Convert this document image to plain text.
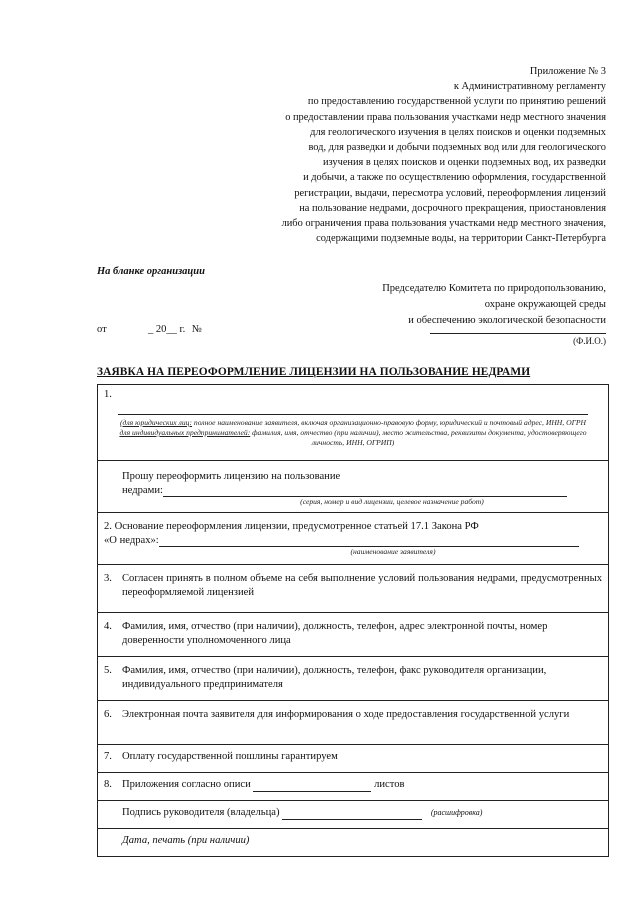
Приложение № 3
к Административному регламенту
по предоставлению государственной услуги по принятию решений
о предоставлении права пользования участками недр местного значения
для геологического изучения в целях поисков и оценки подземных
вод, для разведки и добычи подземных вод или для геологического
изучения в целях поисков и оценки подземных вод, их разведки
и добычи, а также по осуществлению оформления, государственной
регистрации, выдачи, пересмотра условий, переоформления лицензий
на пользование недрами, досрочного прекращения, приостановления
либо ограничения права пользования участками недр местного значения,
содержащими подземные воды, на территории Санкт-Петербурга
На бланке организации
Председателю Комитета по природопользованию,
охране окружающей среды
и обеспечению экологической безопасности
(Ф.И.О.)
от	_ 20__ г. №
ЗАЯВКА НА ПЕРЕОФОРМЛЕНИЕ ЛИЦЕНЗИИ НА ПОЛЬЗОВАНИЕ НЕДРАМИ
1.
(для юридических лиц: полное наименование заявителя, включая организационно-правовую форму, юридический и почтовый адрес, ИНН, ОГРН
для индивидуальных предпринимателей: фамилия, имя, отчество (при наличии), место жительства, реквизиты документа, удостоверяющего личность, ИНН, ОГРИП)

Прошу переоформить лицензию на пользование
недрами:
(серия, номер и вид лицензии, целевое назначение работ)

2. Основание переоформления лицензии, предусмотренное статьей 17.1 Закона РФ
«О недрах»:
(наименование заявителя)

3. Согласен принять в полном объеме на себя выполнение условий пользования недрами, предусмотренных переоформляемой лицензией

4. Фамилия, имя, отчество (при наличии), должность, телефон, адрес электронной почты, номер доверенности уполномоченного лица

5. Фамилия, имя, отчество (при наличии), должность, телефон, факс руководителя организации, индивидуального предпринимателя

6. Электронная почта заявителя для информирования о ходе предоставления государственной услуги

7. Оплату государственной пошлины гарантируем

8. Приложения согласно описи	листов

Подпись руководителя (владельца)	(расшифровка)

Дата, печать (при наличии)
